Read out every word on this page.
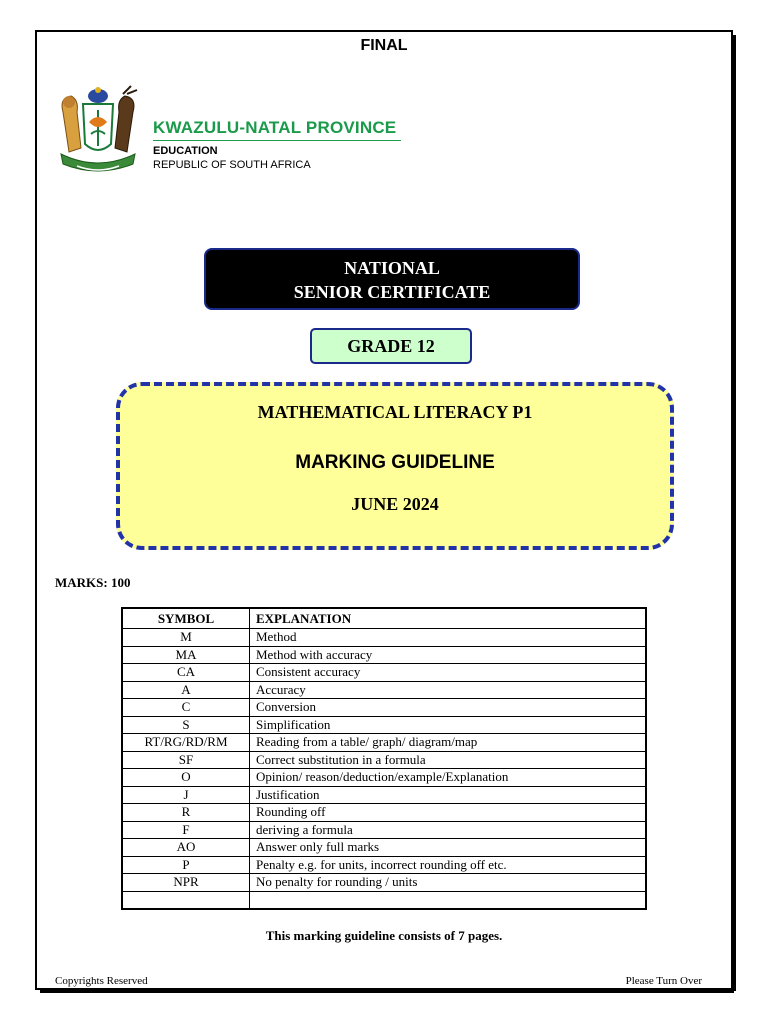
FINAL
KWAZULU-NATAL PROVINCE
EDUCATION
REPUBLIC OF SOUTH AFRICA
NATIONAL
SENIOR CERTIFICATE
GRADE 12
MATHEMATICAL LITERACY P1
MARKING GUIDELINE
JUNE 2024
MARKS: 100
SYMBOL	EXPLANATION
M	Method
MA	Method with accuracy
CA	Consistent accuracy
A	Accuracy
C	Conversion
S	Simplification
RT/RG/RD/RM	Reading from a table/ graph/ diagram/map
SF	Correct substitution in a formula
O	Opinion/ reason/deduction/example/Explanation
J	Justification
R	Rounding off
F	deriving a formula
AO	Answer only full marks
P	Penalty e.g. for units, incorrect rounding off etc.
NPR	No penalty for rounding / units

This marking guideline consists of 7 pages.
Copyrights Reserved	Please Turn Over
